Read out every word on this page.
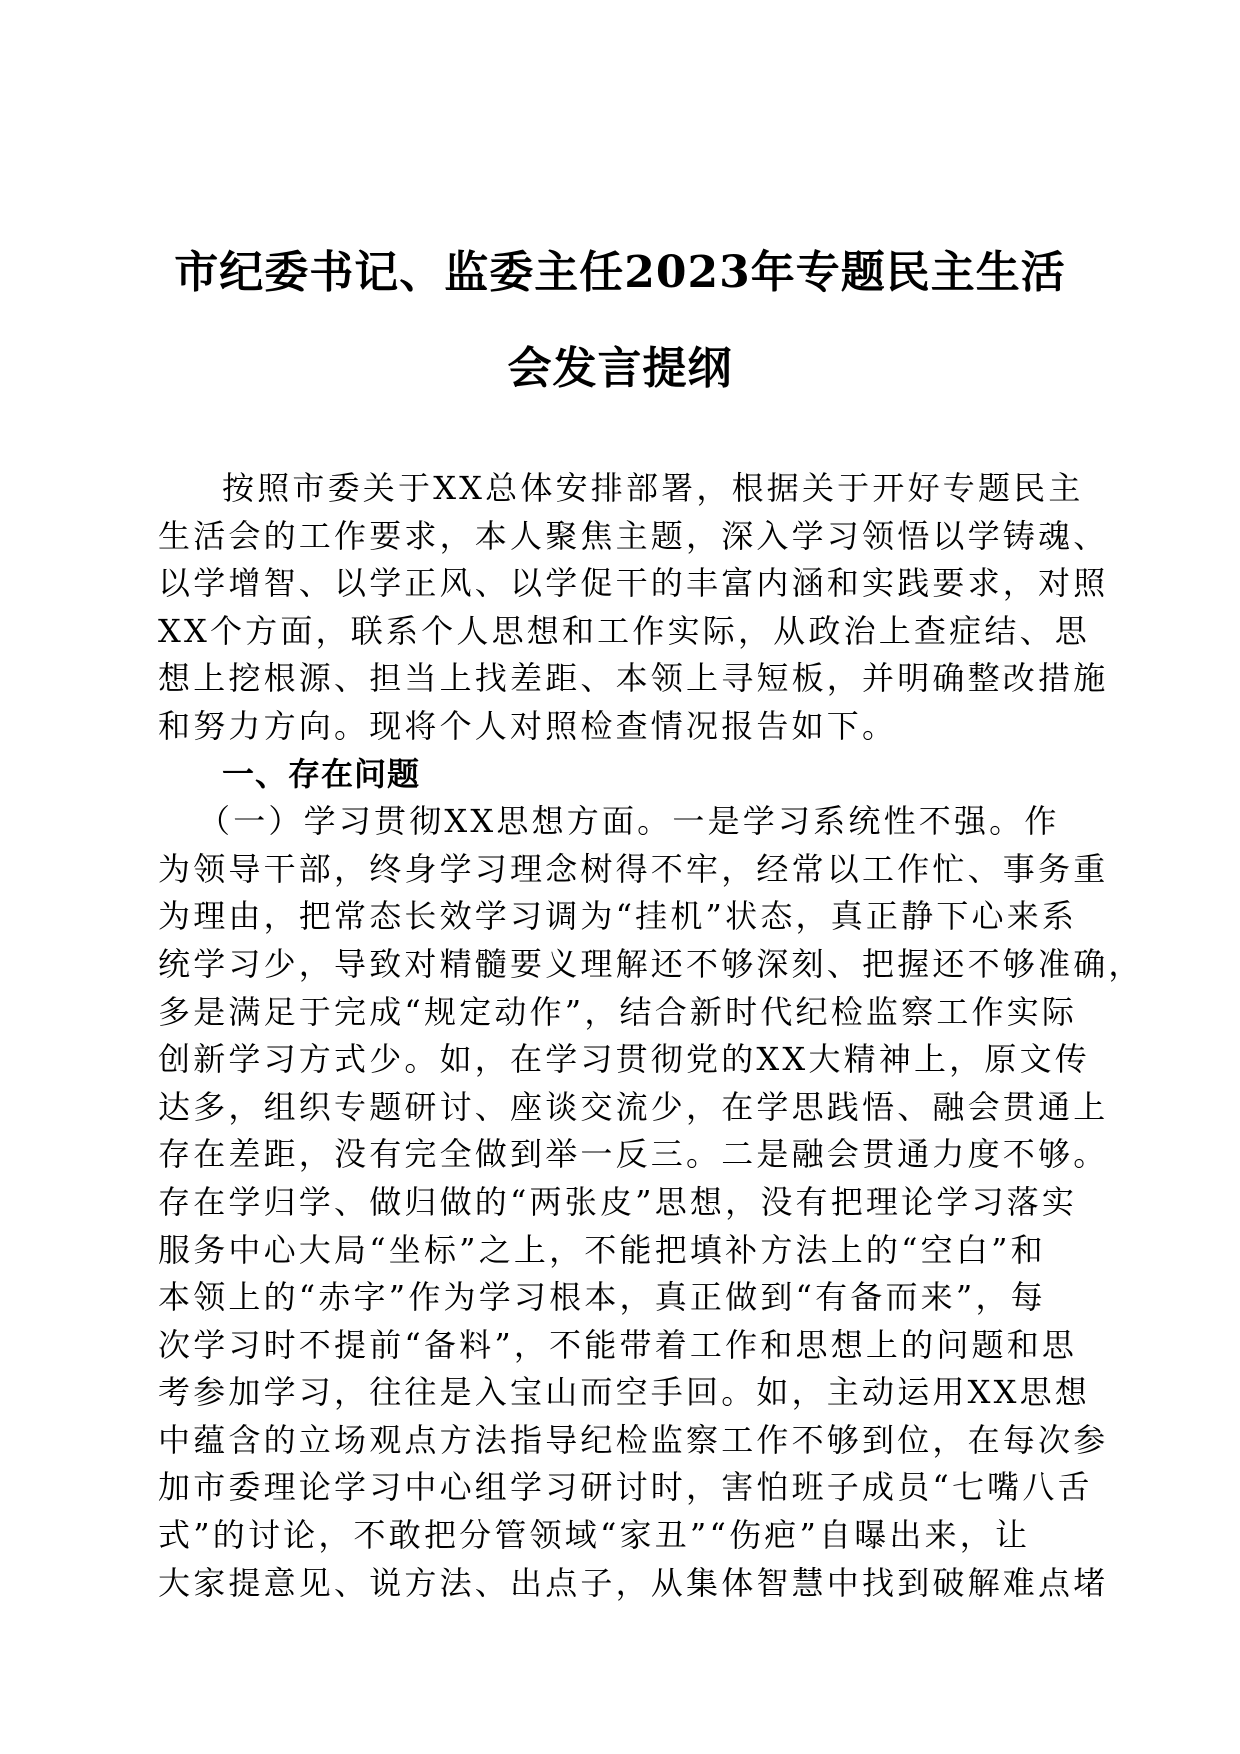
市纪委书记、监委主任2023年专题民主生活
会发言提纲
按照市委关于XX总体安排部署，根据关于开好专题民主
生活会的工作要求，本人聚焦主题，深入学习领悟以学铸魂、
以学增智、以学正风、以学促干的丰富内涵和实践要求，对照
XX个方面，联系个人思想和工作实际，从政治上查症结、思
想上挖根源、担当上找差距、本领上寻短板，并明确整改措施
和努力方向。现将个人对照检查情况报告如下。
一、存在问题
（一）学习贯彻XX思想方面。一是学习系统性不强。作
为领导干部，终身学习理念树得不牢，经常以工作忙、事务重
为理由，把常态长效学习调为“挂机”状态，真正静下心来系
统学习少，导致对精髓要义理解还不够深刻、把握还不够准确，
多是满足于完成“规定动作”，结合新时代纪检监察工作实际
创新学习方式少。如，在学习贯彻党的XX大精神上，原文传
达多，组织专题研讨、座谈交流少，在学思践悟、融会贯通上
存在差距，没有完全做到举一反三。二是融会贯通力度不够。
存在学归学、做归做的“两张皮”思想，没有把理论学习落实
服务中心大局“坐标”之上，不能把填补方法上的“空白”和
本领上的“赤字”作为学习根本，真正做到“有备而来”，每
次学习时不提前“备料”，不能带着工作和思想上的问题和思
考参加学习，往往是入宝山而空手回。如，主动运用XX思想
中蕴含的立场观点方法指导纪检监察工作不够到位，在每次参
加市委理论学习中心组学习研讨时，害怕班子成员“七嘴八舌
式”的讨论，不敢把分管领域“家丑”“伤疤”自曝出来，让
大家提意见、说方法、出点子，从集体智慧中找到破解难点堵
